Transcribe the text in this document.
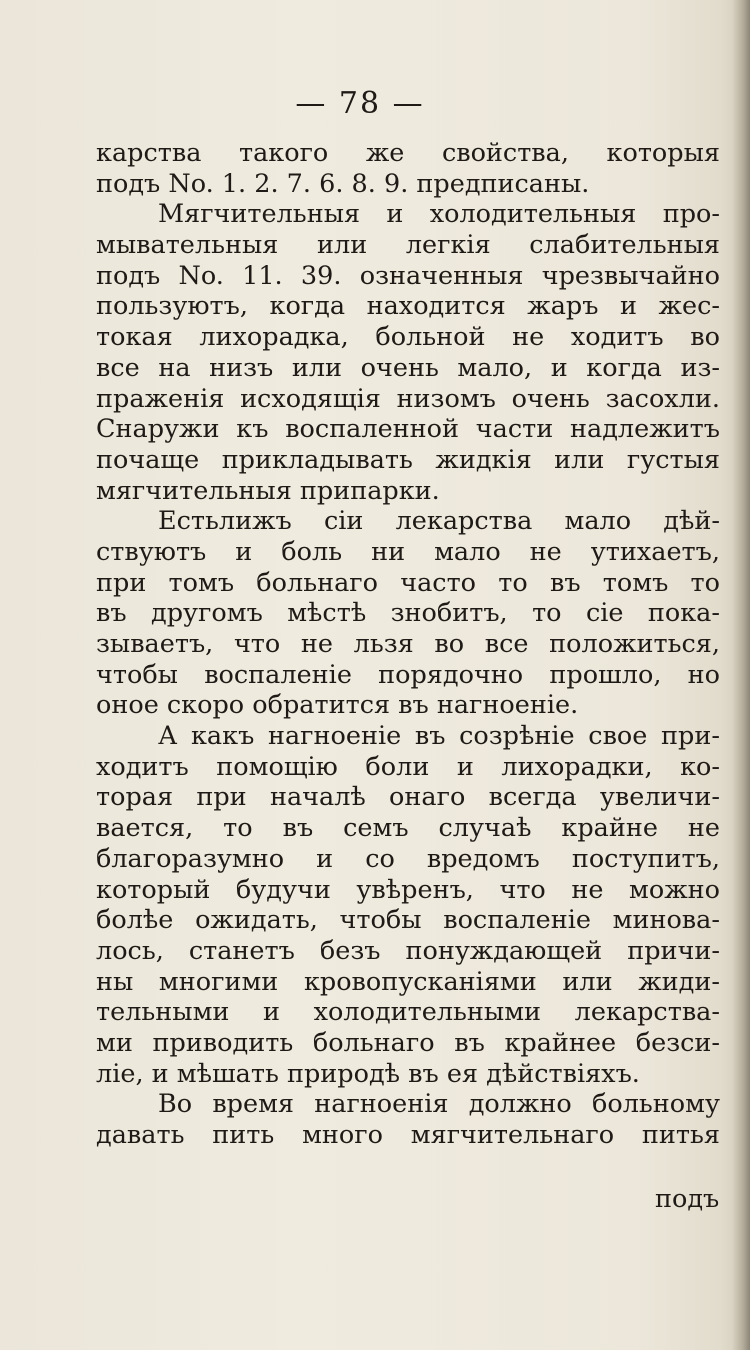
— 78 —
карства такого же свойства, которыя
подъ No. 1. 2. 7. 6. 8. 9. предписаны.
Мягчительныя и холодительныя про-
мывательныя или легкія слабительныя
подъ No. 11. 39. означенныя чрезвычайно
пользуютъ, когда находится жаръ и жес-
токая лихорадка, больной не ходитъ во
все на низъ или очень мало, и когда из-
праженія исходящія низомъ очень засохли.
Снаружи къ воспаленной части надлежитъ
почаще прикладывать жидкія или густыя
мягчительныя припарки.
Естьлижъ сіи лекарства мало дѣй-
ствуютъ и боль ни мало не утихаетъ,
при томъ больнаго часто то въ томъ то
въ другомъ мѣстѣ знобитъ, то сіе пока-
зываетъ, что не льзя во все положиться,
чтобы воспаленіе порядочно прошло, но
оное скоро обратится въ нагноеніе.
А какъ нагноеніе въ созрѣніе свое при-
ходитъ помощію боли и лихорадки, ко-
торая при началѣ онаго всегда увеличи-
вается, то въ семъ случаѣ крайне не
благоразумно и со вредомъ поступитъ,
который будучи увѣренъ, что не можно
болѣе ожидать, чтобы воспаленіе минова-
лось, станетъ безъ понуждающей причи-
ны многими кровопусканіями или жиди-
тельными и холодительными лекарства-
ми приводить больнаго въ крайнее безси-
ліе, и мѣшать природѣ въ ея дѣйствіяхъ.
Во время нагноенія должно больному
давать пить много мягчительнаго питья
подъ
